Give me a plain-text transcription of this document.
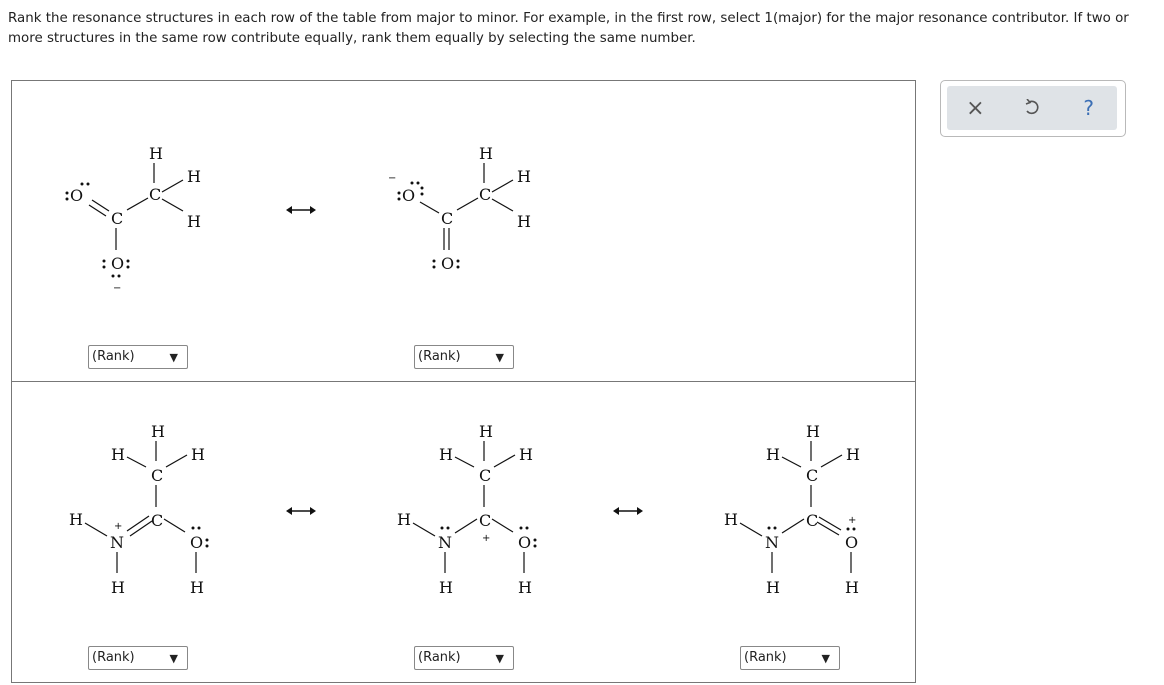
Rank the resonance structures in each row of the table from major to minor. For example, in the first row, select 1(major) for the major resonance contributor. If two or more structures in the same row contribute equally, rank them equally by selecting the same number.
×	?
H
C
H
H
C
O
O
−
H
C
H
H
C
O
−
O
(Rank)	▼	(Rank)	▼
H
H	H
C
C
N
+
H
H
O
H
H
H	H
C
C
+
N
H
H
O
H
H
H	H
C
C
N
H
H
O
+
H
(Rank)	▼	(Rank)	▼	(Rank)	▼
